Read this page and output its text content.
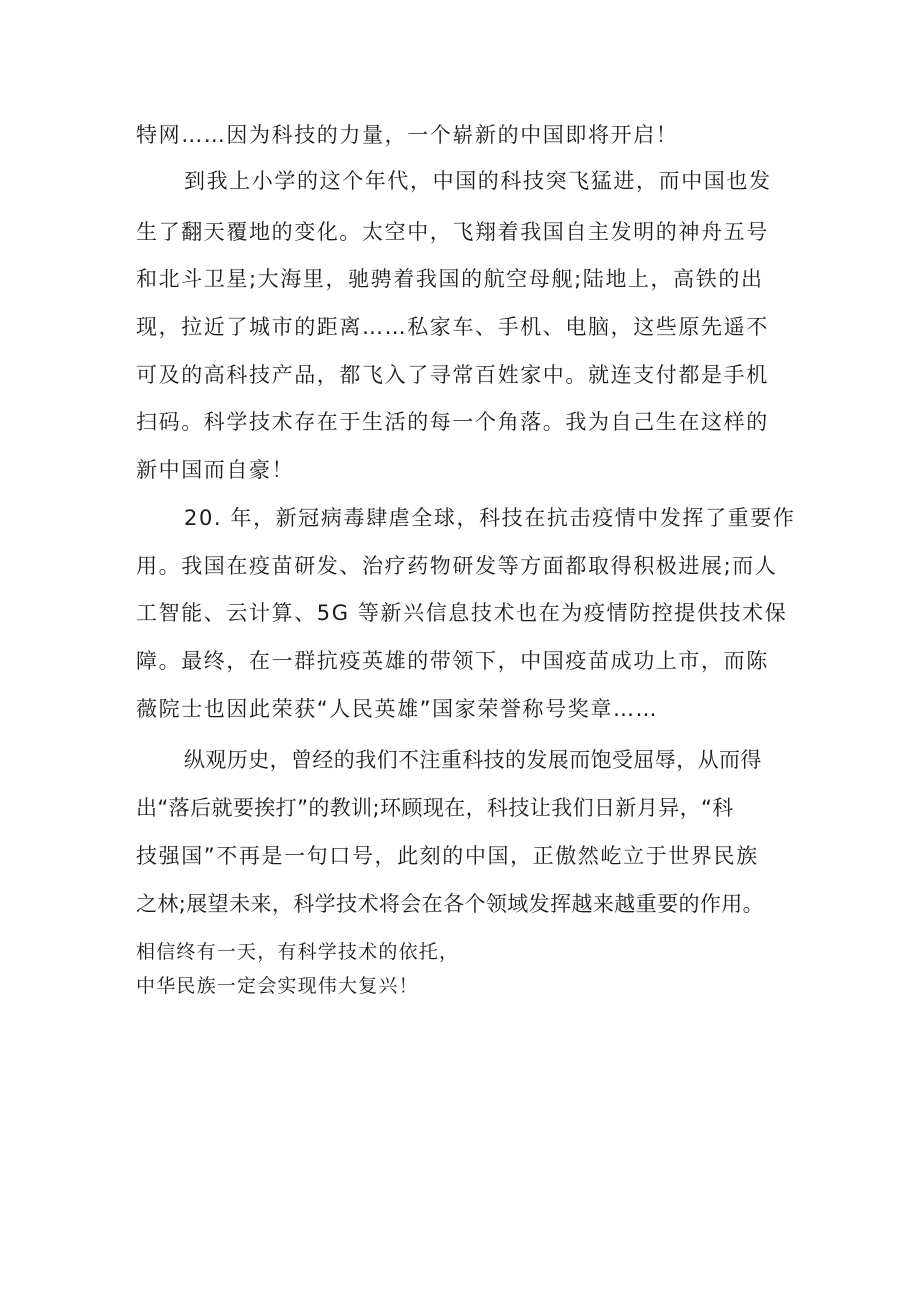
特网……因为科技的力量，一个崭新的中国即将开启！

到我上小学的这个年代，中国的科技突飞猛进，而中国也发

生了翻天覆地的变化。太空中，飞翔着我国自主发明的神舟五号

和北斗卫星;大海里，驰骋着我国的航空母舰;陆地上，高铁的出

现，拉近了城市的距离……私家车、手机、电脑，这些原先遥不

可及的高科技产品，都飞入了寻常百姓家中。就连支付都是手机

扫码。科学技术存在于生活的每一个角落。我为自己生在这样的

新中国而自豪！

20. 年，新冠病毒肆虐全球，科技在抗击疫情中发挥了重要作

用。我国在疫苗研发、治疗药物研发等方面都取得积极进展;而人

工智能、云计算、5G 等新兴信息技术也在为疫情防控提供技术保

障。最终，在一群抗疫英雄的带领下，中国疫苗成功上市，而陈

薇院士也因此荣获“人民英雄”国家荣誉称号奖章……

纵观历史，曾经的我们不注重科技的发展而饱受屈辱，从而得

出“落后就要挨打”的教训;环顾现在，科技让我们日新月异，“科

技强国”不再是一句口号，此刻的中国，正傲然屹立于世界民族

之林;展望未来，科学技术将会在各个领域发挥越来越重要的作用。

相信终有一天，有科学技术的依托，

中华民族一定会实现伟大复兴！
